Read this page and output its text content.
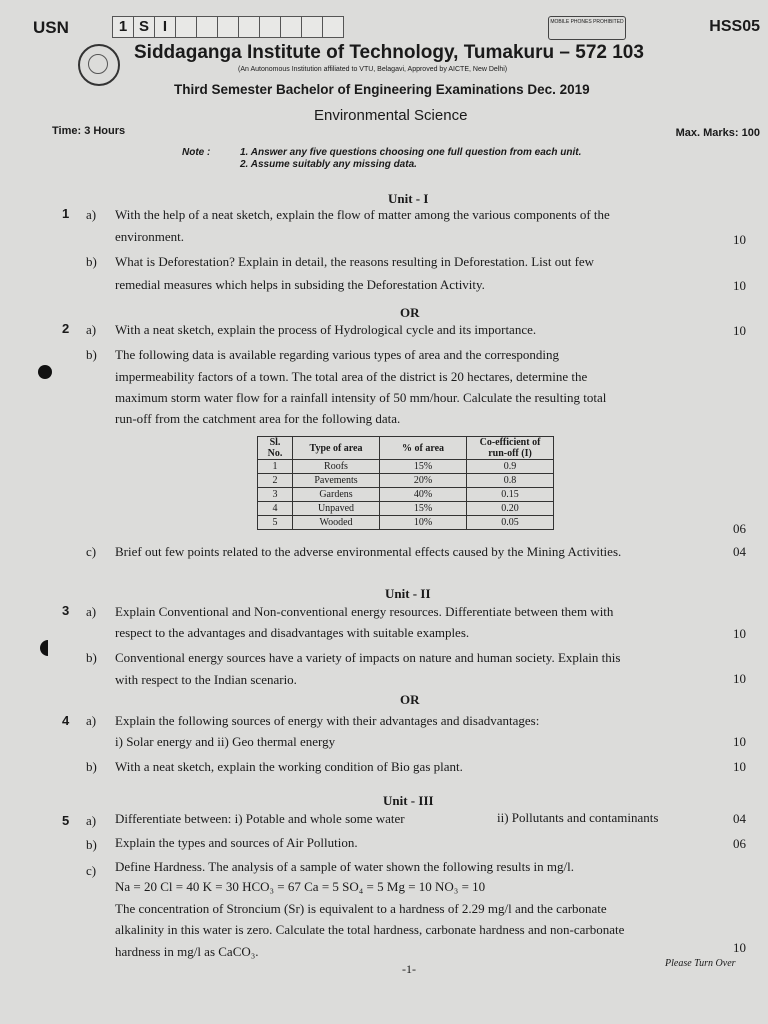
USN	1 S I	MOBILE PHONES PROHIBITED	HSS05
Siddaganga Institute of Technology, Tumakuru – 572 103
(An Autonomous Institution affiliated to VTU, Belagavi, Approved by AICTE, New Delhi)
Third Semester Bachelor of Engineering Examinations Dec. 2019
Environmental Science
Time: 3 Hours	Max. Marks: 100
Note :	1. Answer any five questions choosing one full question from each unit.
2. Assume suitably any missing data.
Unit - I
1 a) With the help of a neat sketch, explain the flow of matter among the various components of the
environment.	10
b) What is Deforestation? Explain in detail, the reasons resulting in Deforestation. List out few
remedial measures which helps in subsiding the Deforestation Activity.	10
OR
2 a) With a neat sketch, explain the process of Hydrological cycle and its importance.	10
b) The following data is available regarding various types of area and the corresponding
impermeability factors of a town. The total area of the district is 20 hectares, determine the
maximum storm water flow for a rainfall intensity of 50 mm/hour. Calculate the resulting total
run-off from the catchment area for the following data.
Sl. No.	Type of area	% of area	Co-efficient of run-off (I)
1	Roofs	15%	0.9
2	Pavements	20%	0.8
3	Gardens	40%	0.15
4	Unpaved	15%	0.20
5	Wooded	10%	0.05	06
c) Brief out few points related to the adverse environmental effects caused by the Mining Activities.	04
Unit - II
3 a) Explain Conventional and Non-conventional energy resources. Differentiate between them with
respect to the advantages and disadvantages with suitable examples.	10
b) Conventional energy sources have a variety of impacts on nature and human society. Explain this
with respect to the Indian scenario.	10
OR
4 a) Explain the following sources of energy with their advantages and disadvantages:
i) Solar energy and ii) Geo thermal energy	10
b) With a neat sketch, explain the working condition of Bio gas plant.	10
Unit - III
5 a) Differentiate between: i) Potable and whole some water	ii) Pollutants and contaminants	04
b) Explain the types and sources of Air Pollution.	06
c) Define Hardness. The analysis of a sample of water shown the following results in mg/l.
Na = 20 Cl = 40 K = 30 HCO₃ = 67 Ca = 5 SO₄ = 5 Mg = 10 NO₃ = 10
The concentration of Stroncium (Sr) is equivalent to a hardness of 2.29 mg/l and the carbonate
alkalinity in this water is zero. Calculate the total hardness, carbonate hardness and non-carbonate
hardness in mg/l as CaCO₃.	10
-1-	Please Turn Over
